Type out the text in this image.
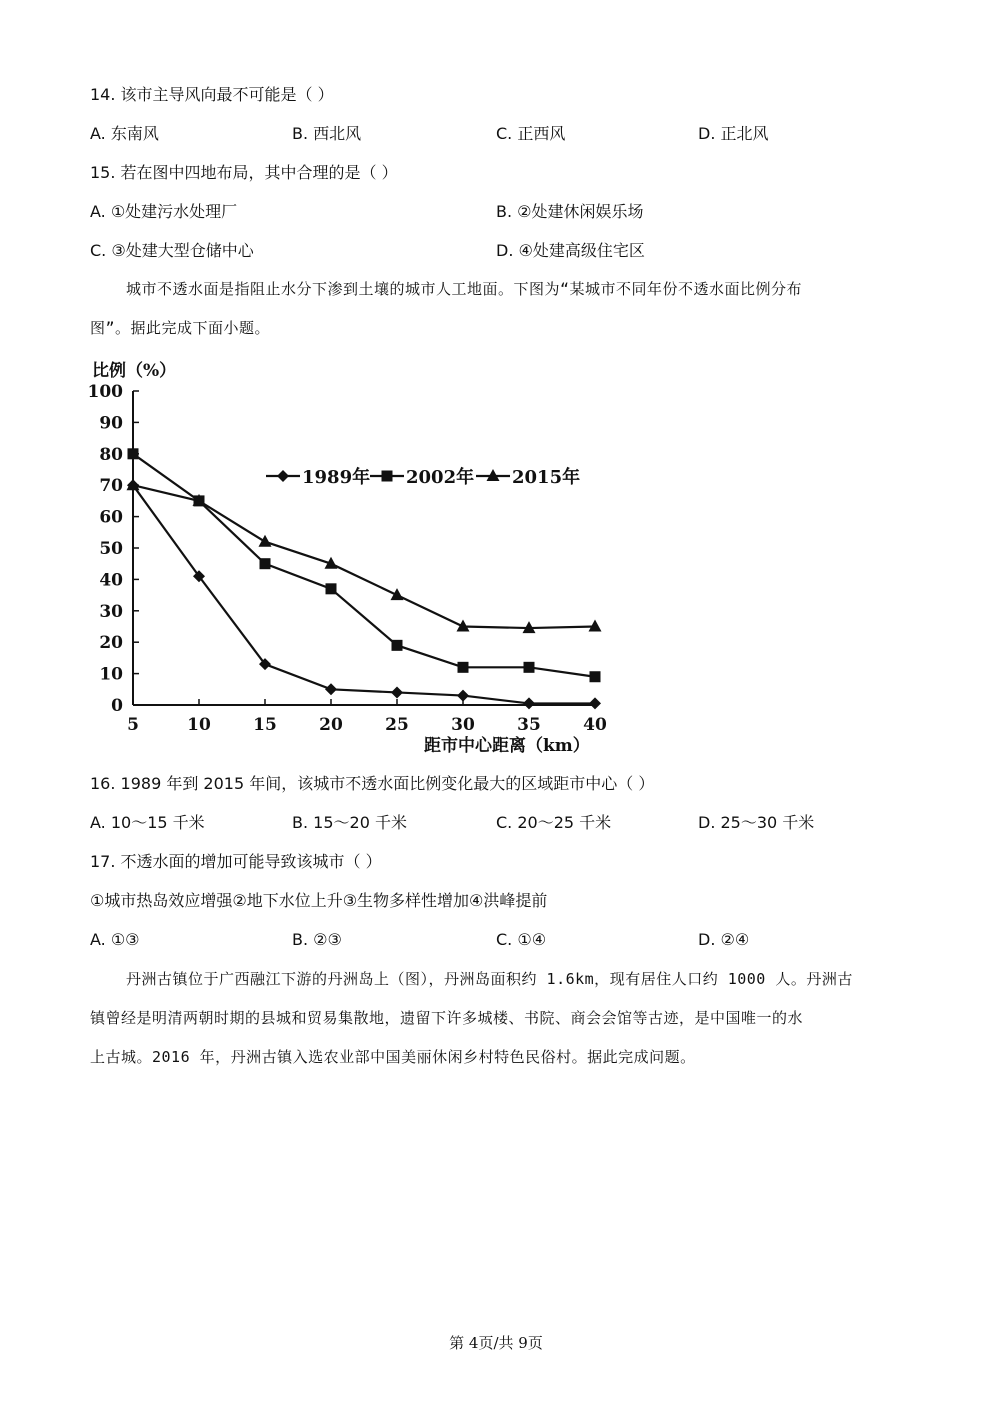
14. 该市主导风向最不可能是（ ）
A. 东南风	B. 西北风	C. 正西风	D. 正北风
15. 若在图中四地布局，其中合理的是（ ）
A. ①处建污水处理厂	B. ②处建休闲娱乐场
C. ③处建大型仓储中心	D. ④处建高级住宅区
城市不透水面是指阻止水分下渗到土壤的城市人工地面。下图为“某城市不同年份不透水面比例分布
图”。据此完成下面小题。
比例（%）
100
90
80
70
60
50
40
30
20
10
0
5	10 15 20 25 30 35 40
1989年 2002年 2015年
距市中心距离（km）
16. 1989 年到 2015 年间，该城市不透水面比例变化最大的区域距市中心（ ）
A. 10～15 千米	B. 15～20 千米	C. 20～25 千米	D. 25～30 千米
17. 不透水面的增加可能导致该城市（ ）
①城市热岛效应增强②地下水位上升③生物多样性增加④洪峰提前
A. ①③	B. ②③	C. ①④	D. ②④
丹洲古镇位于广西融江下游的丹洲岛上（图），丹洲岛面积约 1.6km，现有居住人口约 1000 人。丹洲古
镇曾经是明清两朝时期的县城和贸易集散地，遗留下许多城楼、书院、商会会馆等古迹，是中国唯一的水
上古城。2016 年，丹洲古镇入选农业部中国美丽休闲乡村特色民俗村。据此完成问题。
第 4页/共 9页
